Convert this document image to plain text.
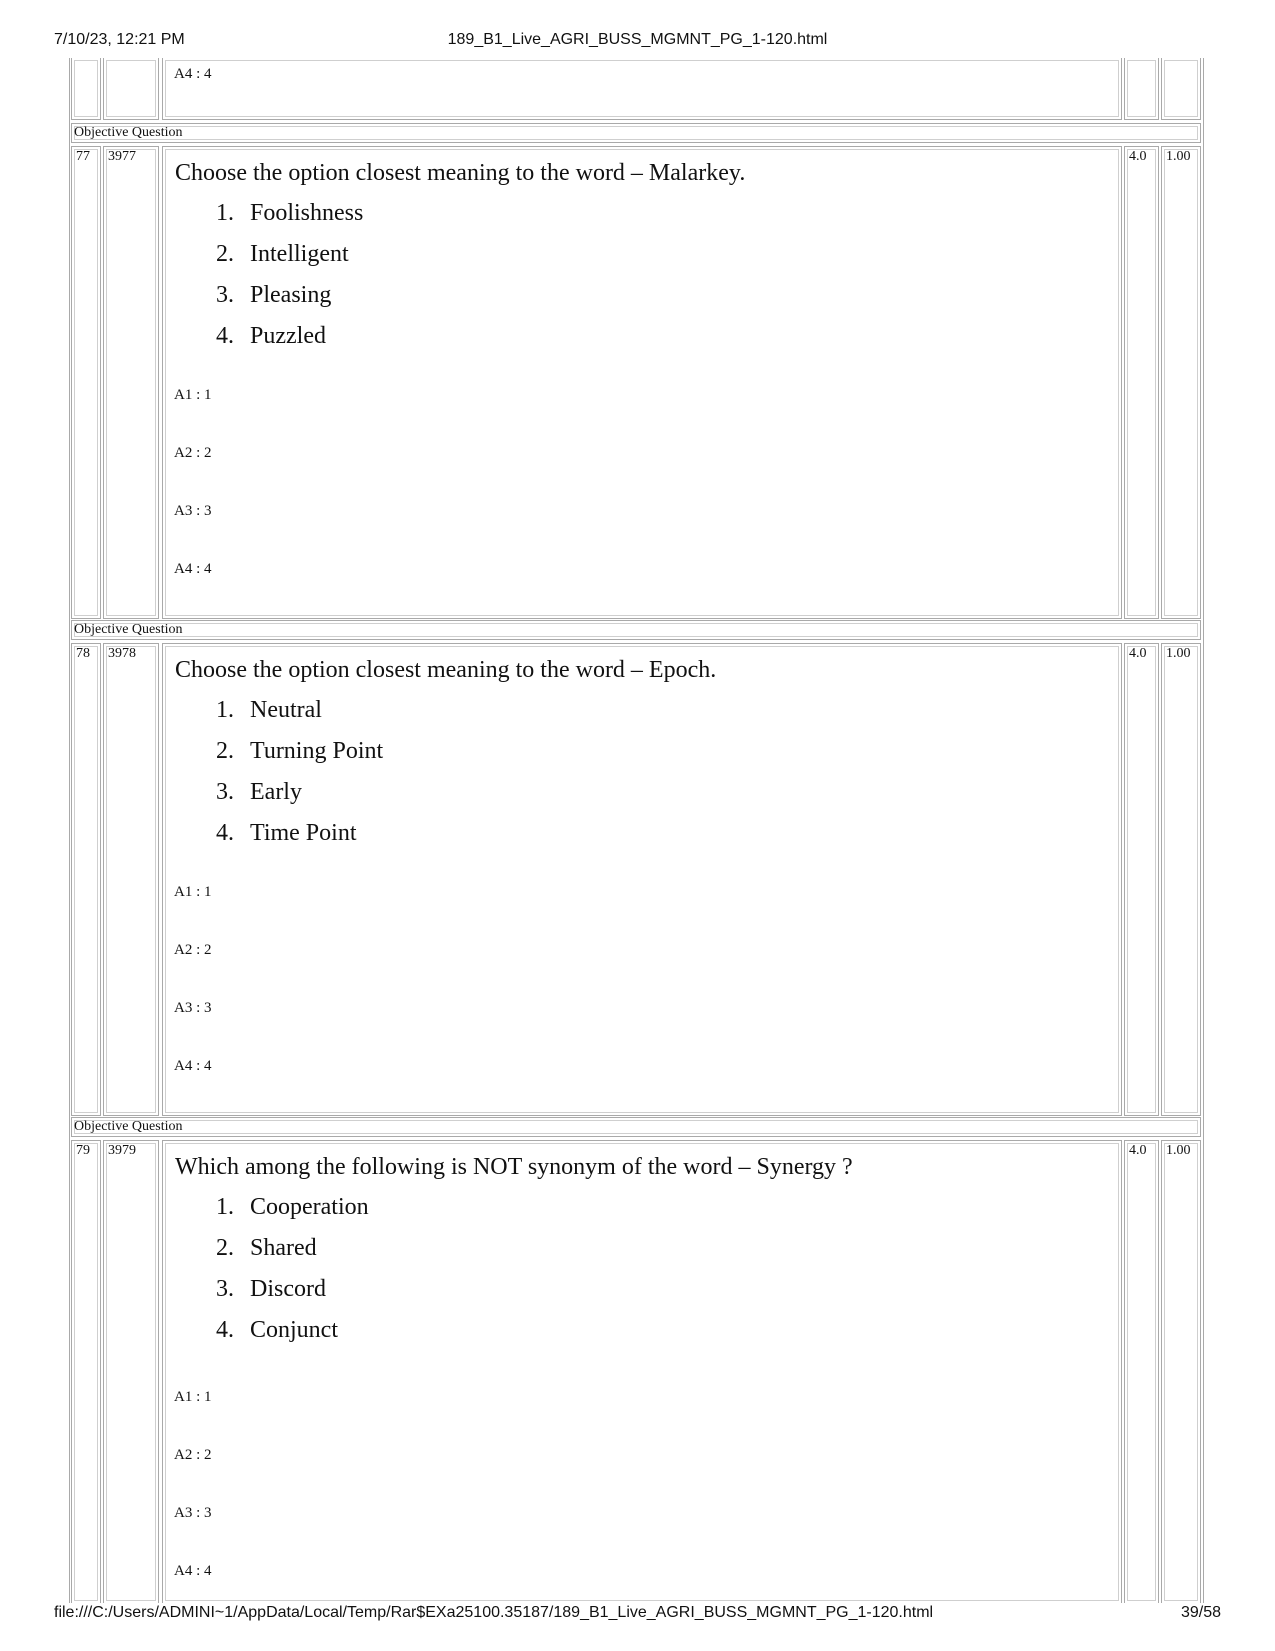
7/10/23, 12:21 PM	189_B1_Live_AGRI_BUSS_MGMNT_PG_1-120.html
A4 : 4
Objective Question
77 3977
Choose the option closest meaning to the word – Malarkey.
1. Foolishness
2. Intelligent
3. Pleasing
4. Puzzled
A1 : 1
A2 : 2
A3 : 3
A4 : 4
4.0 1.00
Objective Question
78 3978
Choose the option closest meaning to the word – Epoch.
1. Neutral
2. Turning Point
3. Early
4. Time Point
A1 : 1
A2 : 2
A3 : 3
A4 : 4
4.0 1.00
Objective Question
79 3979
Which among the following is NOT synonym of the word – Synergy ?
1. Cooperation
2. Shared
3. Discord
4. Conjunct
A1 : 1
A2 : 2
A3 : 3
A4 : 4
4.0 1.00
file:///C:/Users/ADMINI~1/AppData/Local/Temp/Rar$EXa25100.35187/189_B1_Live_AGRI_BUSS_MGMNT_PG_1-120.html	39/58
